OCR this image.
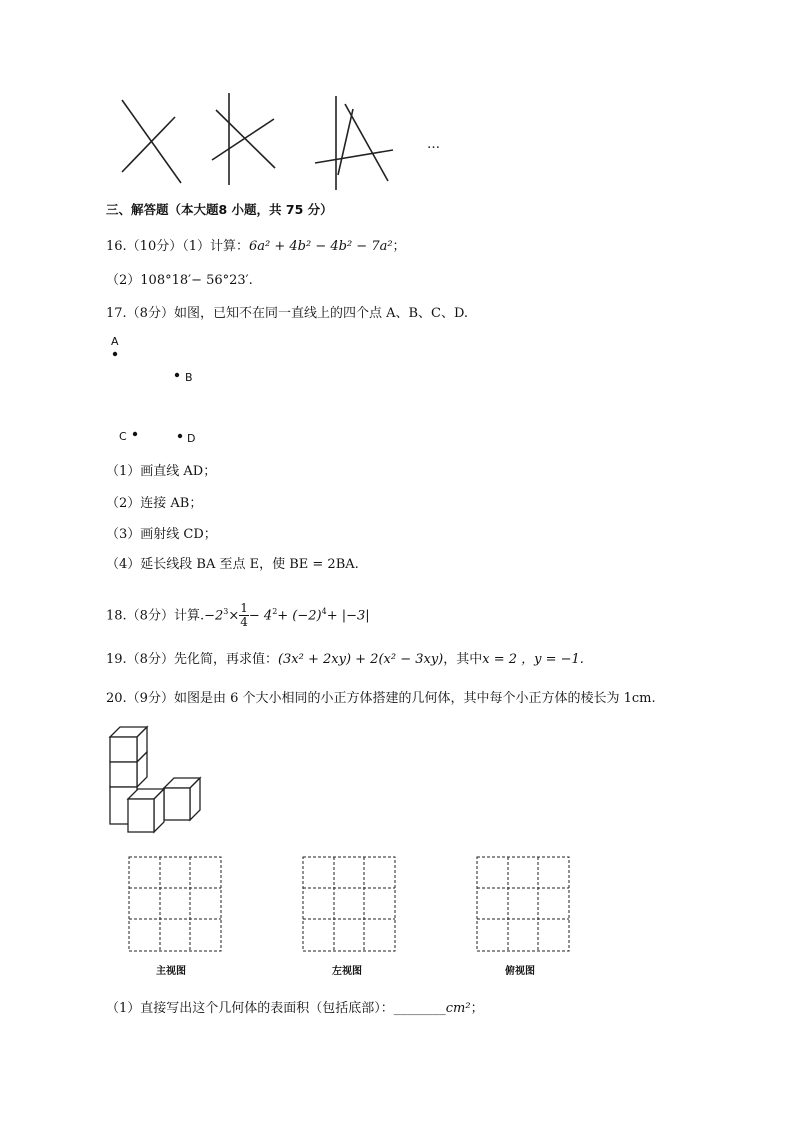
…
三、解答题（本大题8 小题，共 75 分）
16.（10分）（1）计算：6a² + 4b² − 4b² − 7a²；
（2）108°18′− 56°23′.
17.（8分）如图，已知不在同一直线上的四个点 A、B、C、D.
A
B
C	D
（1）画直线 AD；
（2）连接 AB；
（3）画射线 CD；
（4）延长线段 BA 至点 E，使 BE = 2BA.
18.（8分）计算$.-2^3\times \frac{1}{4} - 4^2+ (-2)^4+ |-3|$
19.（8分）先化简，再求值：(3x² + 2xy) + 2(x² − 3xy)，其中x = 2 ，y = −1.
20.（9分）如图是由 6 个大小相同的小正方体搭建的几何体，其中每个小正方体的棱长为 1cm.
主视图	左视图	俯视图
（1）直接写出这个几何体的表面积（包括底部）：________cm²；
